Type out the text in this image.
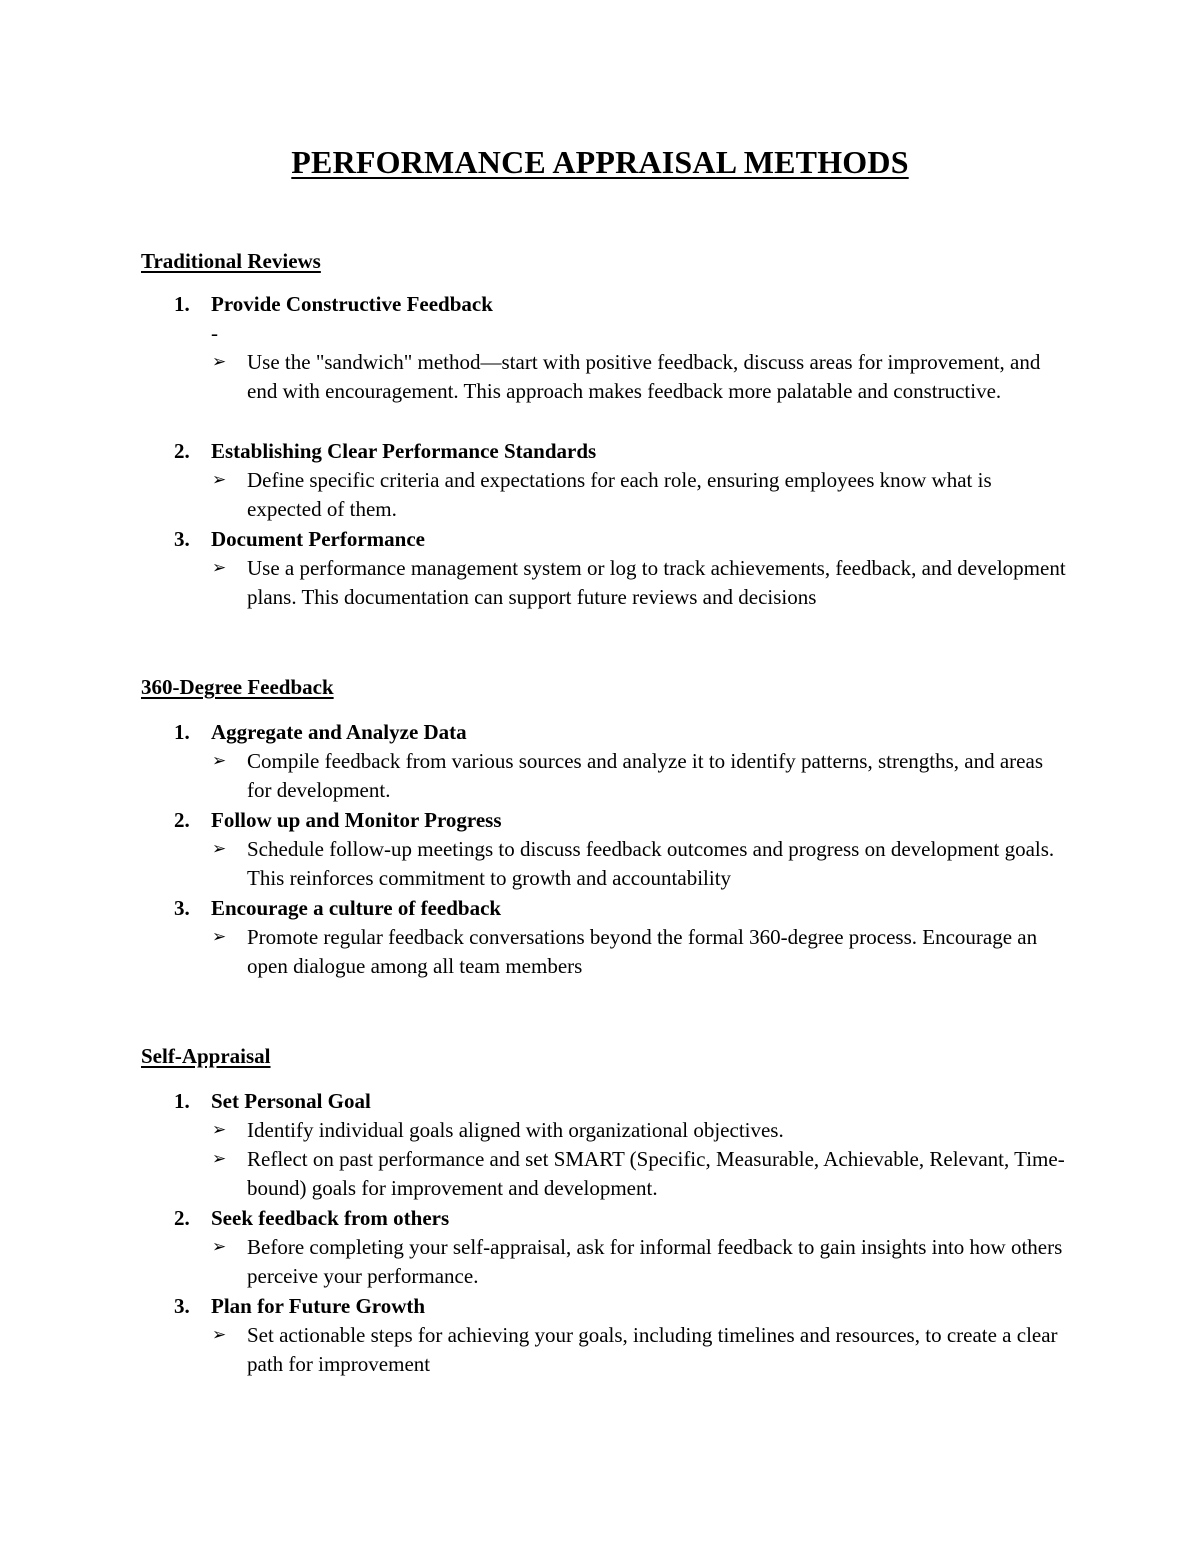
PERFORMANCE APPRAISAL METHODS
Traditional Reviews
1. Provide Constructive Feedback
-
➢ Use the "sandwich" method—start with positive feedback, discuss areas for improvement, and end with encouragement. This approach makes feedback more palatable and constructive.
2. Establishing Clear Performance Standards
➢ Define specific criteria and expectations for each role, ensuring employees know what is expected of them.
3. Document Performance
➢ Use a performance management system or log to track achievements, feedback, and development plans. This documentation can support future reviews and decisions
360-Degree Feedback
1. Aggregate and Analyze Data
➢ Compile feedback from various sources and analyze it to identify patterns, strengths, and areas for development.
2. Follow up and Monitor Progress
➢ Schedule follow-up meetings to discuss feedback outcomes and progress on development goals. This reinforces commitment to growth and accountability
3. Encourage a culture of feedback
➢ Promote regular feedback conversations beyond the formal 360-degree process. Encourage an open dialogue among all team members
Self-Appraisal
1. Set Personal Goal
➢ Identify individual goals aligned with organizational objectives.
➢ Reflect on past performance and set SMART (Specific, Measurable, Achievable, Relevant, Time-bound) goals for improvement and development.
2. Seek feedback from others
➢ Before completing your self-appraisal, ask for informal feedback to gain insights into how others perceive your performance.
3. Plan for Future Growth
➢ Set actionable steps for achieving your goals, including timelines and resources, to create a clear path for improvement
